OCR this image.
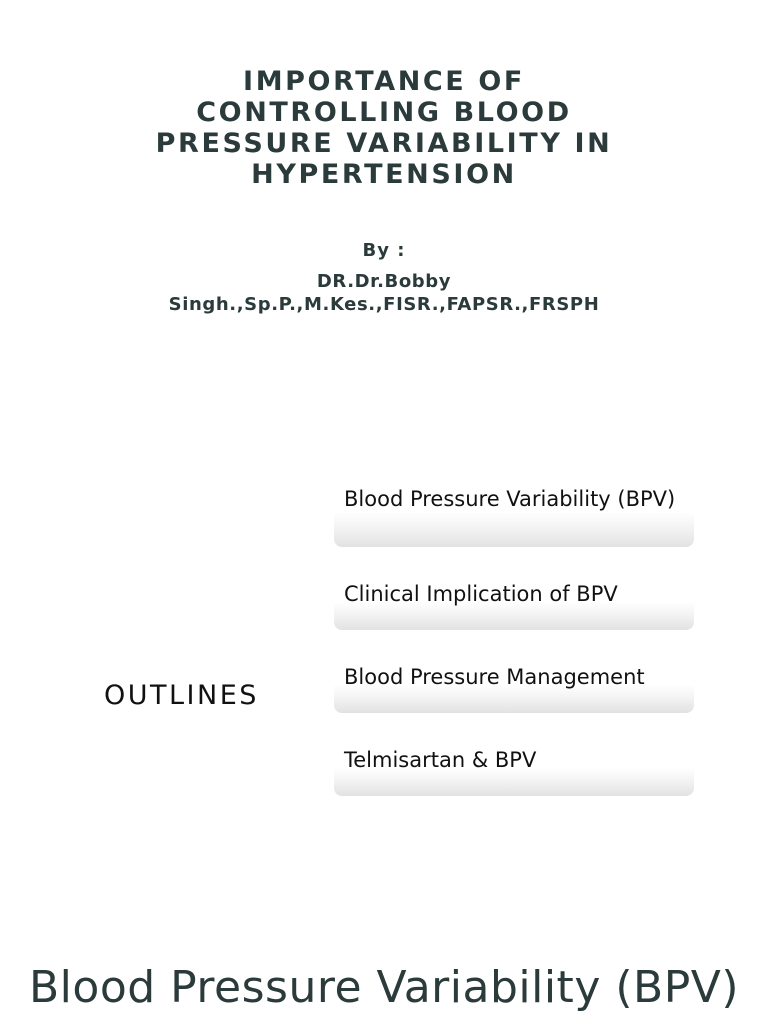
IMPORTANCE OF CONTROLLING BLOOD PRESSURE VARIABILITY IN HYPERTENSION
By :
DR.Dr.Bobby Singh.,Sp.P.,M.Kes.,FISR.,FAPSR.,FRSPH
OUTLINES
Blood Pressure Variability (BPV)
Clinical Implication of BPV
Blood Pressure Management
Telmisartan & BPV
Blood Pressure Variability (BPV)
